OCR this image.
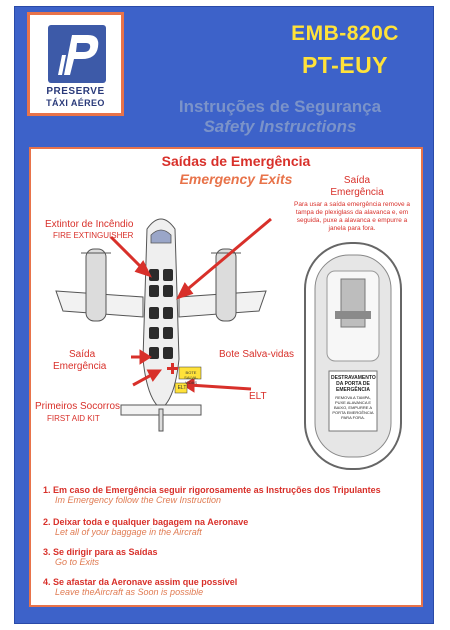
PRESERVE
TÁXI AÉREO
EMB-820C
PT-EUY
Instruções de Segurança
Safety Instructions
Saídas de Emergência
Emergency Exits
Extintor de Incêndio
FIRE EXTINGUISHER
Saída
Emergência
Bote Salva-vidas
Primeiros Socorros
FIRST AID KIT
ELT
BOTE SALVA-VIDAS
ELT
Saída
Emergência
Para usar a saída emergência remove a tampa de plexiglass da alavanca e, em seguida, puxe a alavanca e empurre a janela para fora.
DESTRAVAMENTO DA PORTA DE EMERGÊNCIA
REMOVA A TAMPA, PUXE ALAVANCA E BAIXO, EMPURRE A PORTA EMERGÊNCIA PARA FORA.
1. Em caso de Emergência seguir rigorosamente as Instruções dos Tripulantes
Im Emergency follow the Crew Instruction
2. Deixar toda e qualquer bagagem na Aeronave
Let all of your baggage in the Aircraft
3. Se dirigir para as Saídas
Go to Exits
4. Se afastar da Aeronave assim que possível
Leave theAircraft as Soon is possible
